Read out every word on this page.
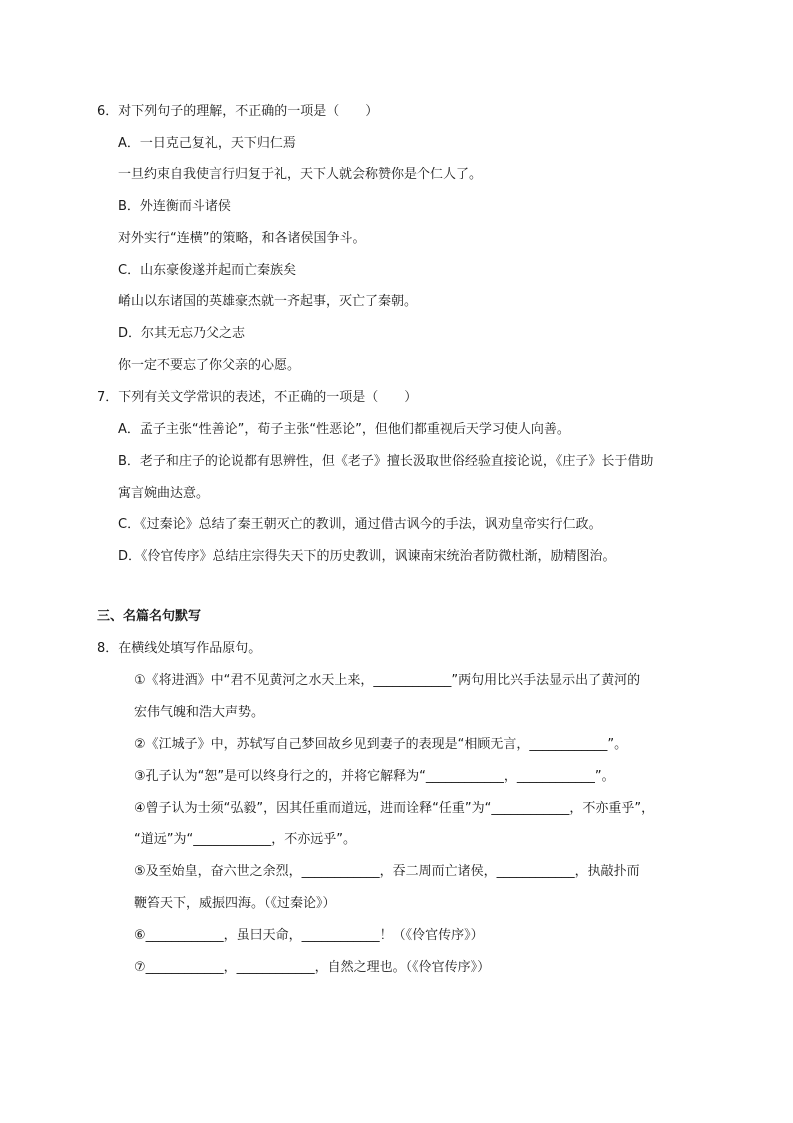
6．对下列句子的理解，不正确的一项是（　　）
A．一日克己复礼，天下归仁焉
一旦约束自我使言行归复于礼，天下人就会称赞你是个仁人了。
B．外连衡而斗诸侯
对外实行“连横”的策略，和各诸侯国争斗。
C．山东豪俊遂并起而亡秦族矣
崤山以东诸国的英雄豪杰就一齐起事，灭亡了秦朝。
D．尔其无忘乃父之志
你一定不要忘了你父亲的心愿。
7．下列有关文学常识的表述，不正确的一项是（　　）
A．孟子主张“性善论”，荀子主张“性恶论”，但他们都重视后天学习使人向善。
B．老子和庄子的论说都有思辨性，但《老子》擅长汲取世俗经验直接论说，《庄子》长于借助
寓言婉曲达意。
C．《过秦论》总结了秦王朝灭亡的教训，通过借古讽今的手法，讽劝皇帝实行仁政。
D．《伶官传序》总结庄宗得失天下的历史教训，讽谏南宋统治者防微杜渐，励精图治。
三、名篇名句默写
8．在横线处填写作品原句。
①《将进酒》中“君不见黄河之水天上来，____________”两句用比兴手法显示出了黄河的
宏伟气魄和浩大声势。
②《江城子》中，苏轼写自己梦回故乡见到妻子的表现是“相顾无言，____________”。
③孔子认为“恕”是可以终身行之的，并将它解释为“____________，____________”。
④曾子认为士须“弘毅”，因其任重而道远，进而诠释“任重”为“____________，不亦重乎”，
“道远”为“____________，不亦远乎”。
⑤及至始皇，奋六世之余烈，____________，吞二周而亡诸侯，____________，执敲扑而
鞭笞天下，威振四海。（《过秦论》）
⑥____________，虽曰天命，____________！（《伶官传序》）
⑦____________，____________，自然之理也。（《伶官传序》）
